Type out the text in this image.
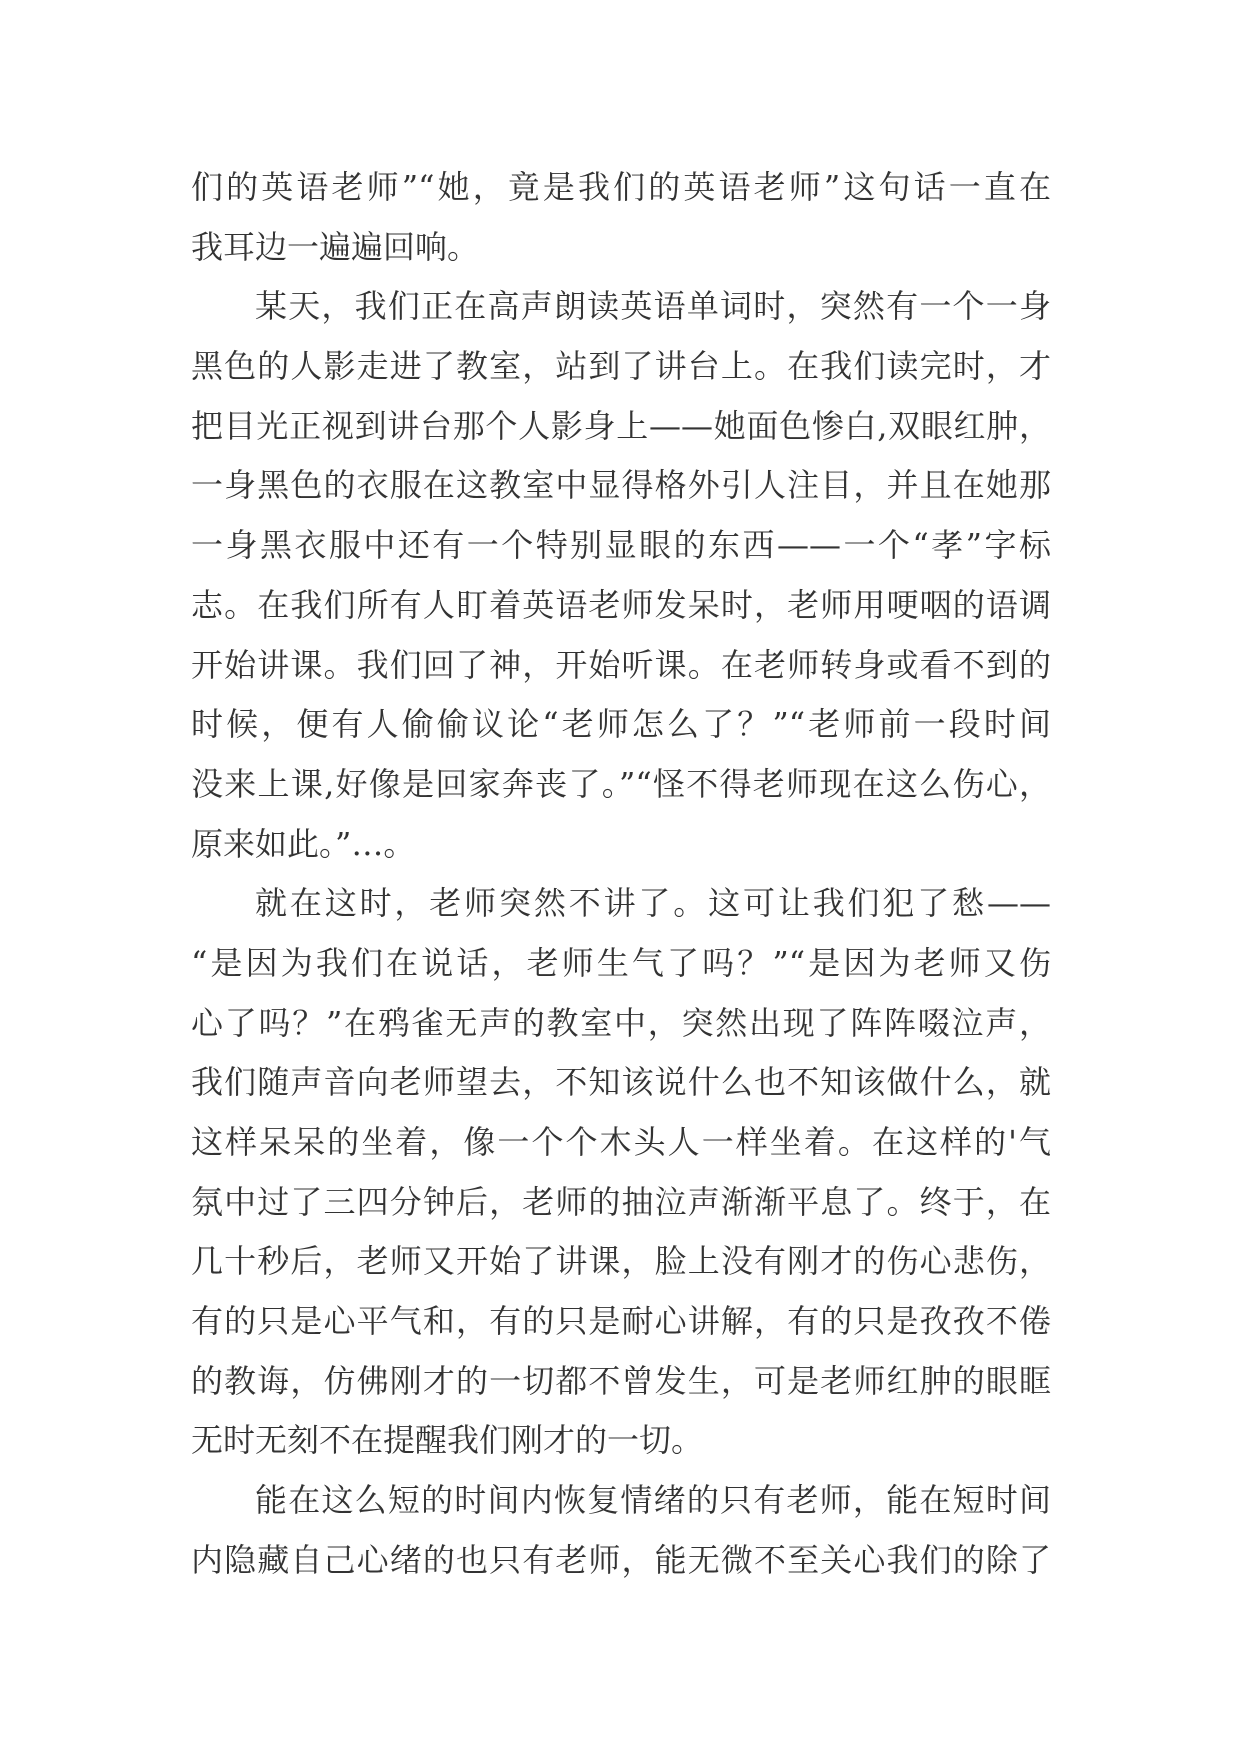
们的英语老师”“她，竟是我们的英语老师”这句话一直在
我耳边一遍遍回响。
某天，我们正在高声朗读英语单词时，突然有一个一身
黑色的人影走进了教室，站到了讲台上。在我们读完时，才
把目光正视到讲台那个人影身上——她面色惨白,双眼红肿，
一身黑色的衣服在这教室中显得格外引人注目，并且在她那
一身黑衣服中还有一个特别显眼的东西——一个“孝”字标
志。在我们所有人盯着英语老师发呆时，老师用哽咽的语调
开始讲课。我们回了神，开始听课。在老师转身或看不到的
时候，便有人偷偷议论“老师怎么了？”“老师前一段时间
没来上课,好像是回家奔丧了。”“怪不得老师现在这么伤心，
原来如此。”…。
就在这时，老师突然不讲了。这可让我们犯了愁——
“是因为我们在说话，老师生气了吗？”“是因为老师又伤
心了吗？”在鸦雀无声的教室中，突然出现了阵阵啜泣声，
我们随声音向老师望去，不知该说什么也不知该做什么，就
这样呆呆的坐着，像一个个木头人一样坐着。在这样的'气
氛中过了三四分钟后，老师的抽泣声渐渐平息了。终于，在
几十秒后，老师又开始了讲课，脸上没有刚才的伤心悲伤，
有的只是心平气和，有的只是耐心讲解，有的只是孜孜不倦
的教诲，仿佛刚才的一切都不曾发生，可是老师红肿的眼眶
无时无刻不在提醒我们刚才的一切。
能在这么短的时间内恢复情绪的只有老师，能在短时间
内隐藏自己心绪的也只有老师，能无微不至关心我们的除了
